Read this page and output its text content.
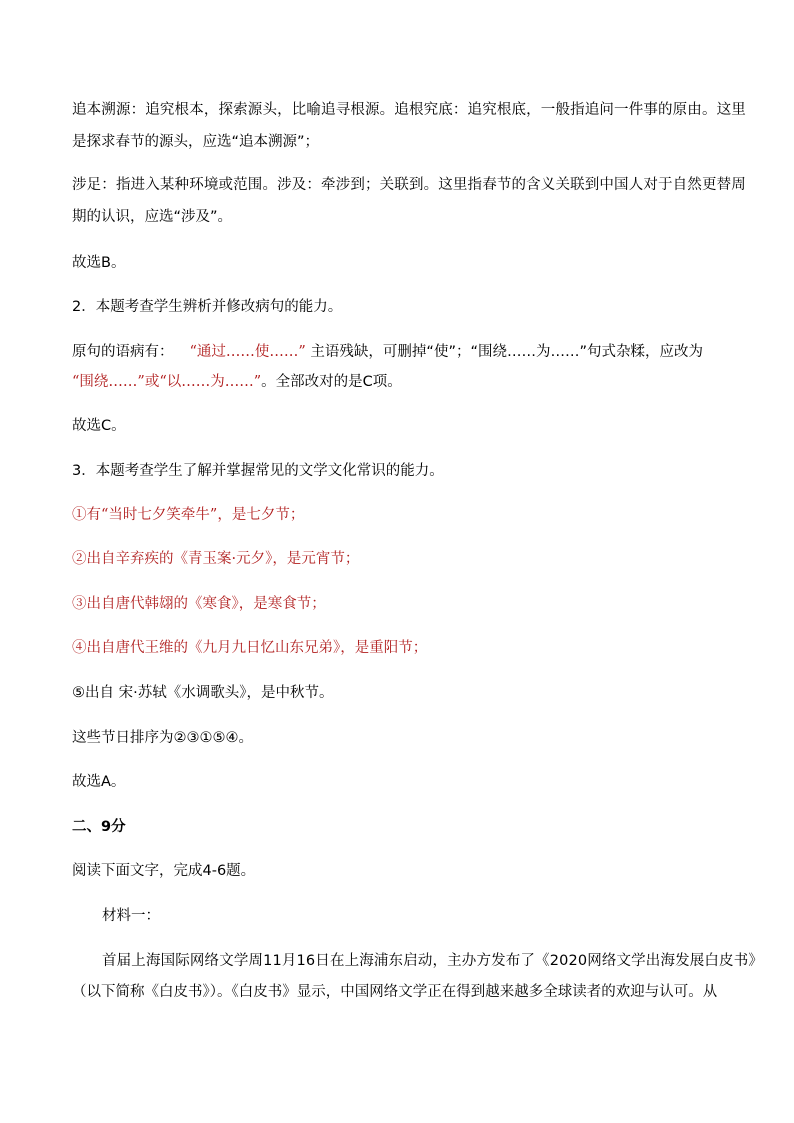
追本溯源：追究根本，探索源头，比喻追寻根源。追根究底：追究根底，一般指追问一件事的原由。这里
是探求春节的源头，应选“追本溯源”；
涉足：指进入某种环境或范围。涉及：牵涉到；关联到。这里指春节的含义关联到中国人对于自然更替周
期的认识，应选“涉及”。
故选B。
2．本题考查学生辨析并修改病句的能力。
原句的语病有： “通过……使……” 主语残缺，可删掉“使”；“围绕……为……”句式杂糅，应改为
“围绕……”或“以……为……”。全部改对的是C项。
故选C。
3．本题考查学生了解并掌握常见的文学文化常识的能力。
①有“当时七夕笑牵牛”，是七夕节；
②出自辛弃疾的《青玉案·元夕》，是元宵节；
③出自唐代韩翃的《寒食》，是寒食节；
④出自唐代王维的《九月九日忆山东兄弟》，是重阳节；
⑤出自 宋·苏轼《水调歌头》，是中秋节。
这些节日排序为②③①⑤④。
故选A。
二、9分
阅读下面文字，完成4-6题。
材料一：
首届上海国际网络文学周11月16日在上海浦东启动，主办方发布了《2020网络文学出海发展白皮书》
（以下简称《白皮书》）。《白皮书》显示，中国网络文学正在得到越来越多全球读者的欢迎与认可。从
